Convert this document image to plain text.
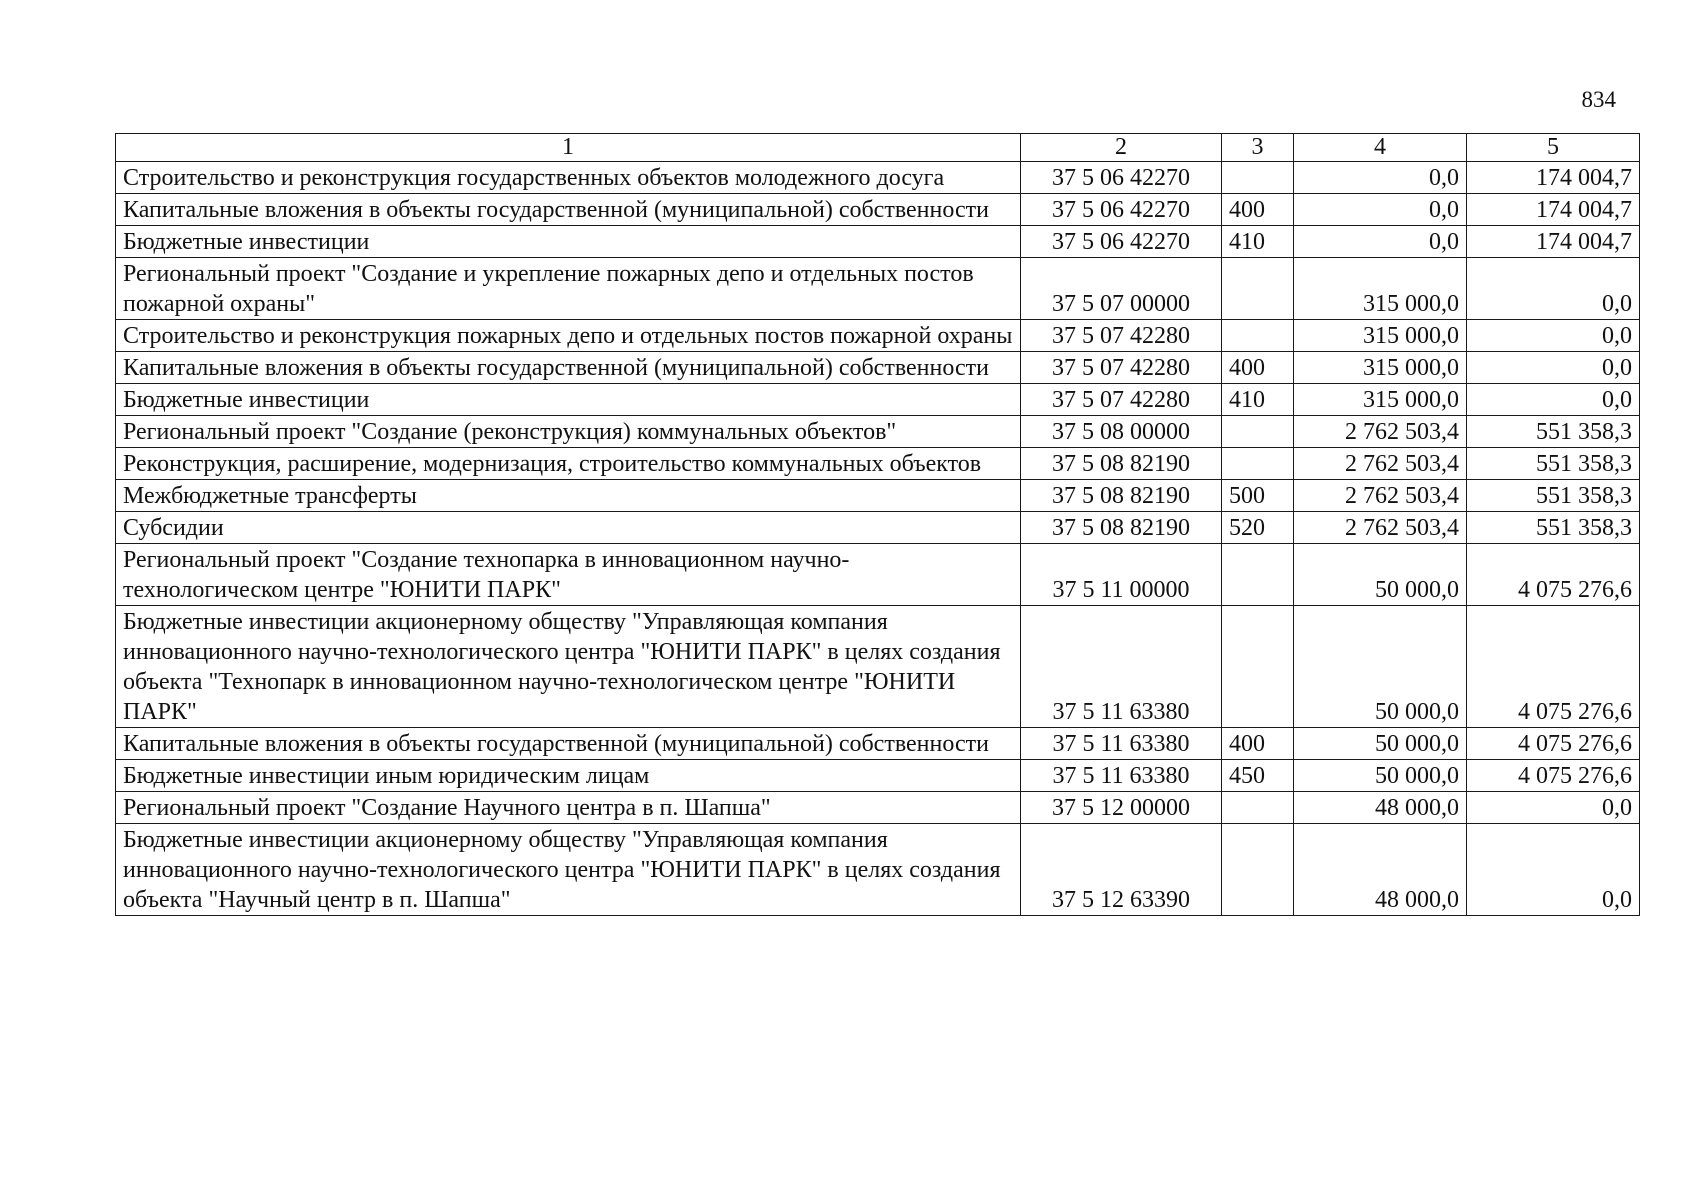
834
1	2	3	4	5
Строительство и реконструкция государственных объектов молодежного досуга	37 5 06 42270		0,0	174 004,7
Капитальные вложения в объекты государственной (муниципальной) собственности	37 5 06 42270	400	0,0	174 004,7
Бюджетные инвестиции	37 5 06 42270	410	0,0	174 004,7
Региональный проект "Создание и укрепление пожарных депо и отдельных постов пожарной охраны"	37 5 07 00000		315 000,0	0,0
Строительство и реконструкция пожарных депо и отдельных постов пожарной охраны	37 5 07 42280		315 000,0	0,0
Капитальные вложения в объекты государственной (муниципальной) собственности	37 5 07 42280	400	315 000,0	0,0
Бюджетные инвестиции	37 5 07 42280	410	315 000,0	0,0
Региональный проект "Создание (реконструкция) коммунальных объектов"	37 5 08 00000		2 762 503,4	551 358,3
Реконструкция, расширение, модернизация, строительство коммунальных объектов	37 5 08 82190		2 762 503,4	551 358,3
Межбюджетные трансферты	37 5 08 82190	500	2 762 503,4	551 358,3
Субсидии	37 5 08 82190	520	2 762 503,4	551 358,3
Региональный проект "Создание технопарка в инновационном научно-технологическом центре "ЮНИТИ ПАРК"	37 5 11 00000		50 000,0	4 075 276,6
Бюджетные инвестиции акционерному обществу "Управляющая компания инновационного научно-технологического центра "ЮНИТИ ПАРК" в целях создания объекта "Технопарк в инновационном научно-технологическом центре "ЮНИТИ ПАРК"	37 5 11 63380		50 000,0	4 075 276,6
Капитальные вложения в объекты государственной (муниципальной) собственности	37 5 11 63380	400	50 000,0	4 075 276,6
Бюджетные инвестиции иным юридическим лицам	37 5 11 63380	450	50 000,0	4 075 276,6
Региональный проект "Создание Научного центра в п. Шапша"	37 5 12 00000		48 000,0	0,0
Бюджетные инвестиции акционерному обществу "Управляющая компания инновационного научно-технологического центра "ЮНИТИ ПАРК" в целях создания объекта "Научный центр в п. Шапша"	37 5 12 63390		48 000,0	0,0
